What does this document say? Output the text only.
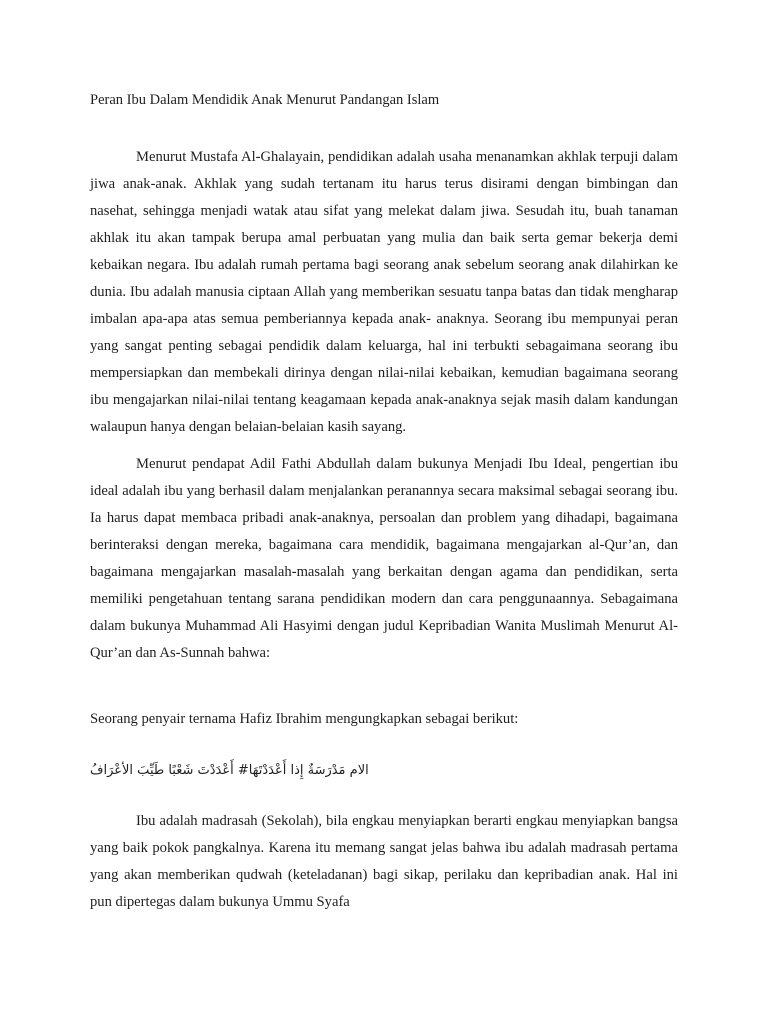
Peran Ibu Dalam Mendidik Anak Menurut Pandangan Islam

Menurut Mustafa Al-Ghalayain, pendidikan adalah usaha menanamkan akhlak terpuji dalam jiwa anak-anak. Akhlak yang sudah tertanam itu harus terus disirami dengan bimbingan dan nasehat, sehingga menjadi watak atau sifat yang melekat dalam jiwa. Sesudah itu, buah tanaman akhlak itu akan tampak berupa amal perbuatan yang mulia dan baik serta gemar bekerja demi kebaikan negara. Ibu adalah rumah pertama bagi seorang anak sebelum seorang anak dilahirkan ke dunia. Ibu adalah manusia ciptaan Allah yang memberikan sesuatu tanpa batas dan tidak mengharap imbalan apa-apa atas semua pemberiannya kepada anak- anaknya. Seorang ibu mempunyai peran yang sangat penting sebagai pendidik dalam keluarga, hal ini terbukti sebagaimana seorang ibu mempersiapkan dan membekali dirinya dengan nilai-nilai kebaikan, kemudian bagaimana seorang ibu mengajarkan nilai-nilai tentang keagamaan kepada anak-anaknya sejak masih dalam kandungan walaupun hanya dengan belaian-belaian kasih sayang.

Menurut pendapat Adil Fathi Abdullah dalam bukunya Menjadi Ibu Ideal, pengertian ibu ideal adalah ibu yang berhasil dalam menjalankan peranannya secara maksimal sebagai seorang ibu. Ia harus dapat membaca pribadi anak-anaknya, persoalan dan problem yang dihadapi, bagaimana berinteraksi dengan mereka, bagaimana cara mendidik, bagaimana mengajarkan al-Qur’an, dan bagaimana mengajarkan masalah-masalah yang berkaitan dengan agama dan pendidikan, serta memiliki pengetahuan tentang sarana pendidikan modern dan cara penggunaannya. Sebagaimana dalam bukunya Muhammad Ali Hasyimi dengan judul Kepribadian Wanita Muslimah Menurut Al-Qur’an dan As-Sunnah bahwa:

Seorang penyair ternama Hafiz Ibrahim mengungkapkan sebagai berikut:

الام مَدْرَسَةٌ إِذا أَعْدَدْتَهَا# أَعْدَدْتَ شَعْبًا طَيِّبَ الأعْرَافُ

Ibu adalah madrasah (Sekolah), bila engkau menyiapkan berarti engkau menyiapkan bangsa yang baik pokok pangkalnya. Karena itu memang sangat jelas bahwa ibu adalah madrasah pertama yang akan memberikan qudwah (keteladanan) bagi sikap, perilaku dan kepribadian anak. Hal ini pun dipertegas dalam bukunya Ummu Syafa
